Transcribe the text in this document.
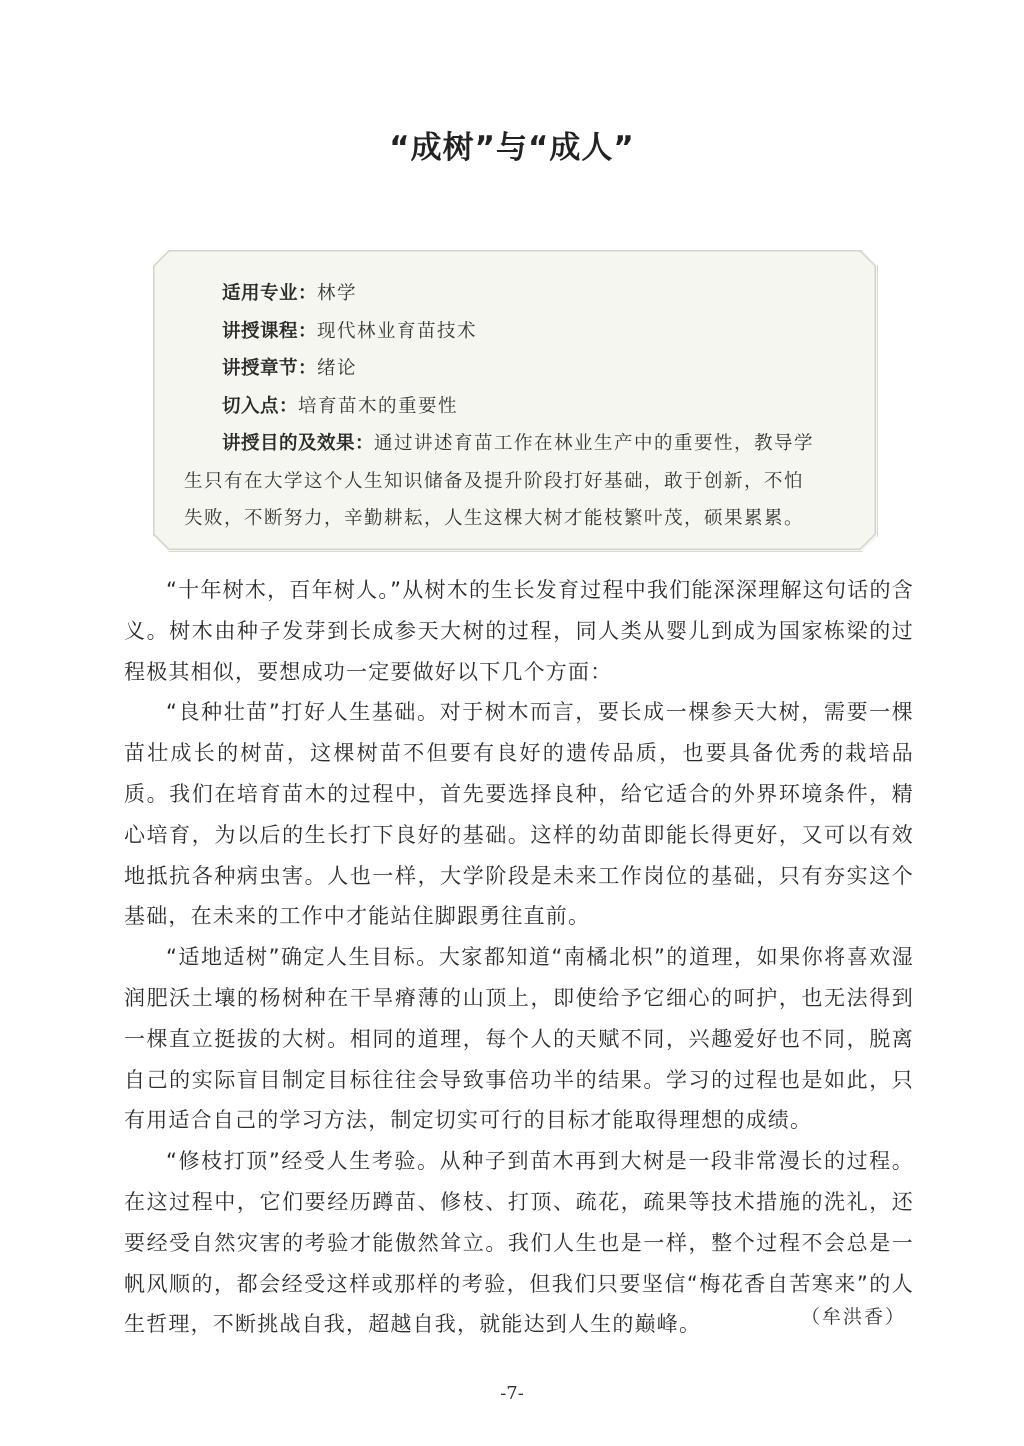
“成树”与“成人”
适用专业：林学
讲授课程：现代林业育苗技术
讲授章节：绪论
切入点：培育苗木的重要性
讲授目的及效果：通过讲述育苗工作在林业生产中的重要性，教导学
生只有在大学这个人生知识储备及提升阶段打好基础，敢于创新，不怕
失败，不断努力，辛勤耕耘，人生这棵大树才能枝繁叶茂，硕果累累。

“十年树木，百年树人。”从树木的生长发育过程中我们能深深理解这句话的含义。树木由种子发芽到长成参天大树的过程，同人类从婴儿到成为国家栋梁的过程极其相似，要想成功一定要做好以下几个方面：

“良种壮苗”打好人生基础。对于树木而言，要长成一棵参天大树，需要一棵苗壮成长的树苗，这棵树苗不但要有良好的遗传品质，也要具备优秀的栽培品质。我们在培育苗木的过程中，首先要选择良种，给它适合的外界环境条件，精心培育，为以后的生长打下良好的基础。这样的幼苗即能长得更好，又可以有效地抵抗各种病虫害。人也一样，大学阶段是未来工作岗位的基础，只有夯实这个基础，在未来的工作中才能站住脚跟勇往直前。

“适地适树”确定人生目标。大家都知道“南橘北枳”的道理，如果你将喜欢湿润肥沃土壤的杨树种在干旱瘠薄的山顶上，即使给予它细心的呵护，也无法得到一棵直立挺拔的大树。相同的道理，每个人的天赋不同，兴趣爱好也不同，脱离自己的实际盲目制定目标往往会导致事倍功半的结果。学习的过程也是如此，只有用适合自己的学习方法，制定切实可行的目标才能取得理想的成绩。

“修枝打顶”经受人生考验。从种子到苗木再到大树是一段非常漫长的过程。在这过程中，它们要经历蹲苗、修枝、打顶、疏花，疏果等技术措施的洗礼，还要经受自然灾害的考验才能傲然耸立。我们人生也是一样，整个过程不会总是一帆风顺的，都会经受这样或那样的考验，但我们只要坚信“梅花香自苦寒来”的人生哲理，不断挑战自我，超越自我，就能达到人生的巅峰。	（牟洪香）
-7-
